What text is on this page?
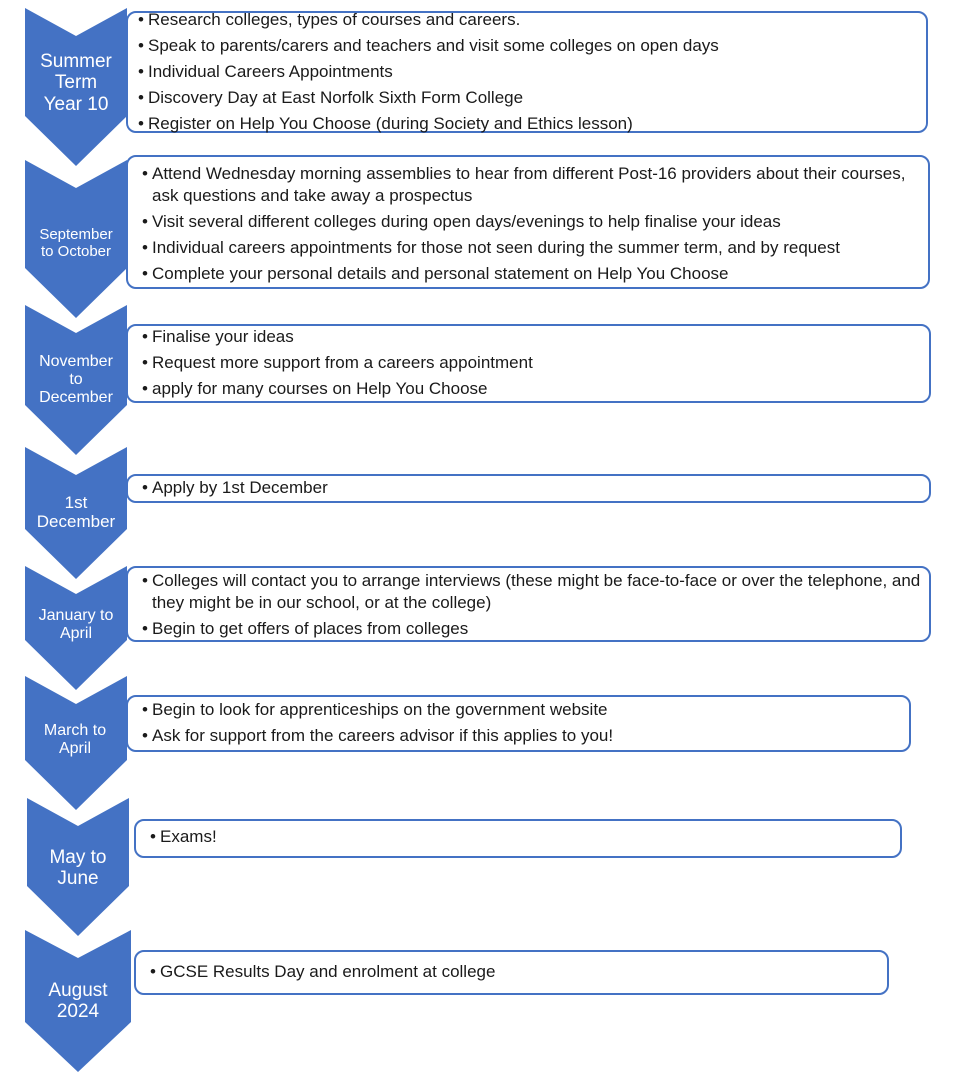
Summer
Term
Year 10
• Research colleges, types of courses and careers.
• Speak to parents/carers and teachers and visit some colleges on open days
• Individual Careers Appointments
• Discovery Day at East Norfolk Sixth Form College
• Register on Help You Choose (during Society and Ethics lesson)
September
to October
• Attend Wednesday morning assemblies to hear from different Post-16 providers about their courses, ask questions and take away a prospectus
• Visit several different colleges during open days/evenings to help finalise your ideas
• Individual careers appointments for those not seen during the summer term, and by request
• Complete your personal details and personal statement on Help You Choose
November
to
December
• Finalise your ideas
• Request more support from a careers appointment
• apply for many courses on Help You Choose
1st
December
• Apply by 1st December
January to
April
• Colleges will contact you to arrange interviews (these might be face-to-face or over the telephone, and they might be in our school, or at the college)
• Begin to get offers of places from colleges
March to
April
• Begin to look for apprenticeships on the government website
• Ask for support from the careers advisor if this applies to you!
May to
June
• Exams!
August
2024
• GCSE Results Day and enrolment at college
